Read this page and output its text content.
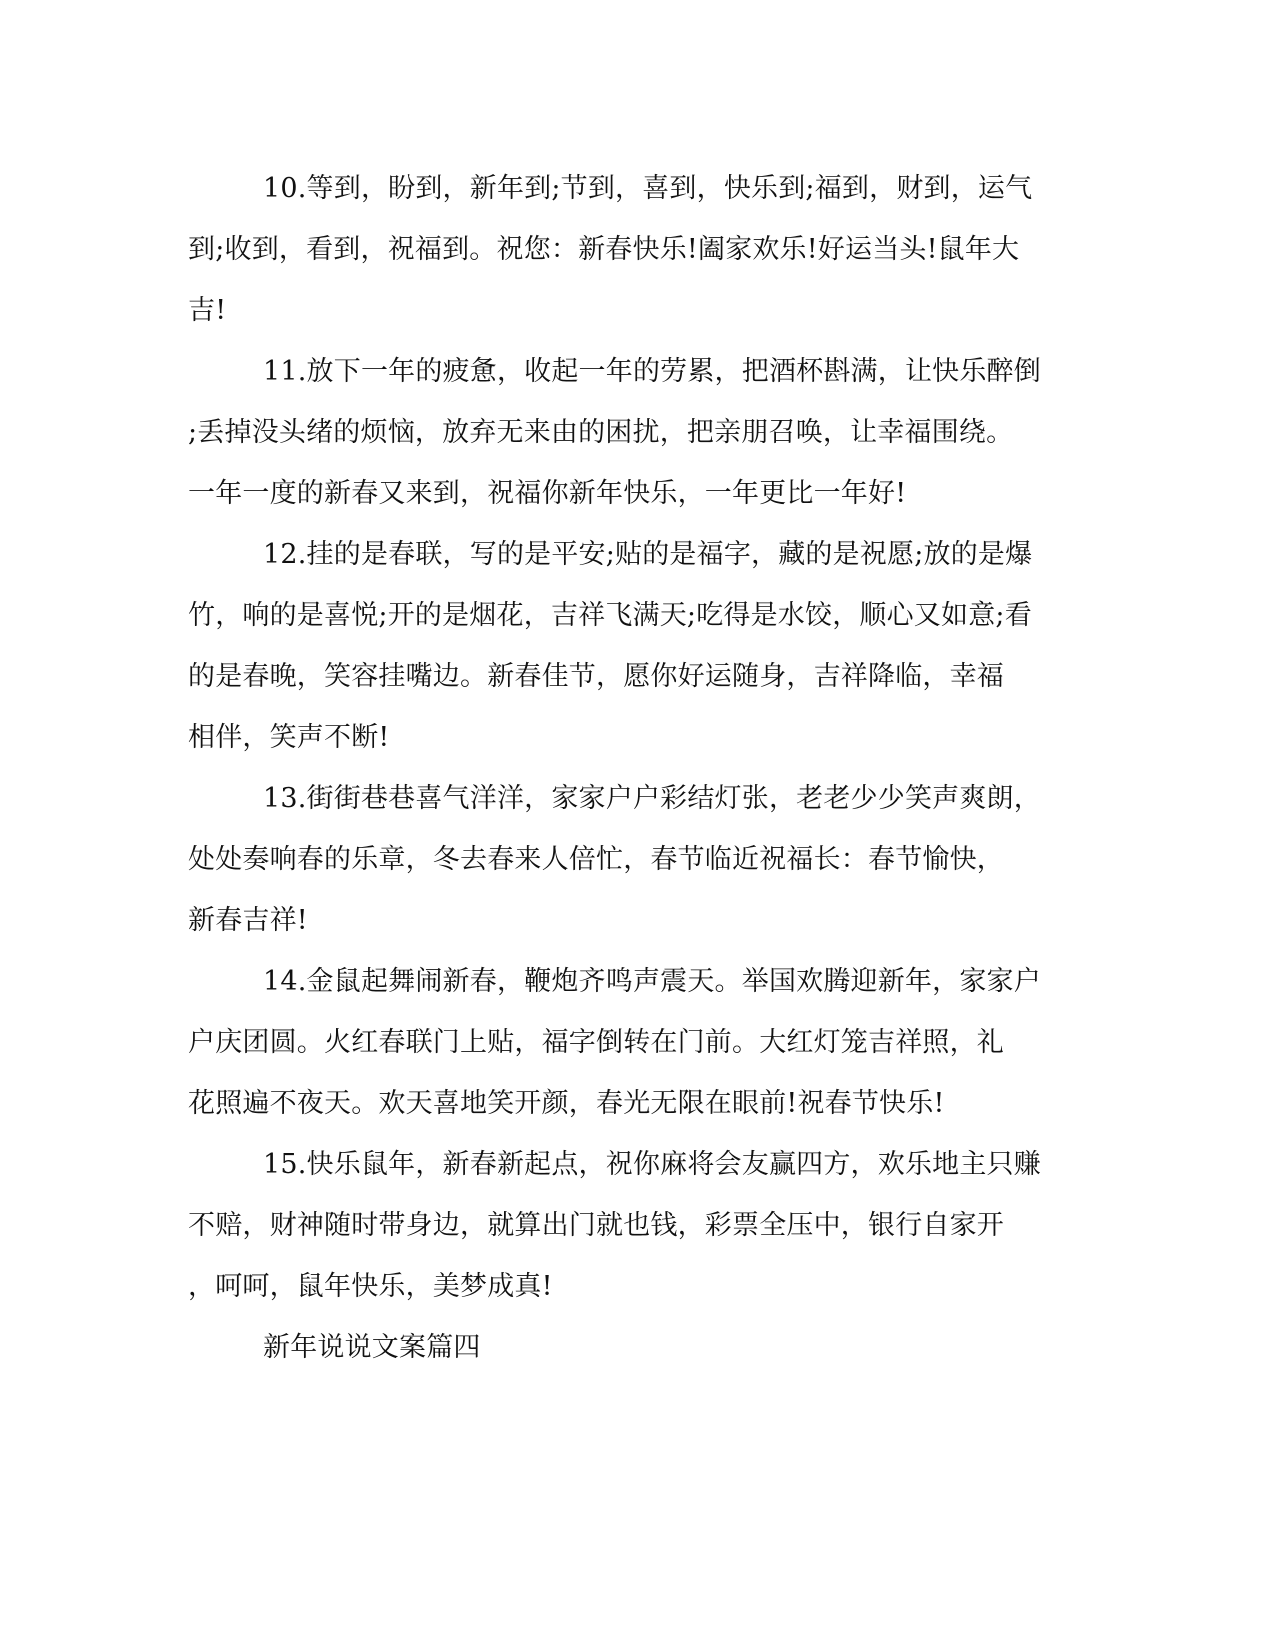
10.等到，盼到，新年到;节到，喜到，快乐到;福到，财到，运气
到;收到，看到，祝福到。祝您：新春快乐!阖家欢乐!好运当头!鼠年大
吉!
11.放下一年的疲惫，收起一年的劳累，把酒杯斟满，让快乐醉倒
;丢掉没头绪的烦恼，放弃无来由的困扰，把亲朋召唤，让幸福围绕。
一年一度的新春又来到，祝福你新年快乐，一年更比一年好!
12.挂的是春联，写的是平安;贴的是福字，藏的是祝愿;放的是爆
竹，响的是喜悦;开的是烟花，吉祥飞满天;吃得是水饺，顺心又如意;看
的是春晚，笑容挂嘴边。新春佳节，愿你好运随身，吉祥降临，幸福
相伴，笑声不断!
13.街街巷巷喜气洋洋，家家户户彩结灯张，老老少少笑声爽朗，
处处奏响春的乐章，冬去春来人倍忙，春节临近祝福长：春节愉快，
新春吉祥!
14.金鼠起舞闹新春，鞭炮齐鸣声震天。举国欢腾迎新年，家家户
户庆团圆。火红春联门上贴，福字倒转在门前。大红灯笼吉祥照，礼
花照遍不夜天。欢天喜地笑开颜，春光无限在眼前!祝春节快乐!
15.快乐鼠年，新春新起点，祝你麻将会友赢四方，欢乐地主只赚
不赔，财神随时带身边，就算出门就也钱，彩票全压中，银行自家开
，呵呵，鼠年快乐，美梦成真!
新年说说文案篇四
